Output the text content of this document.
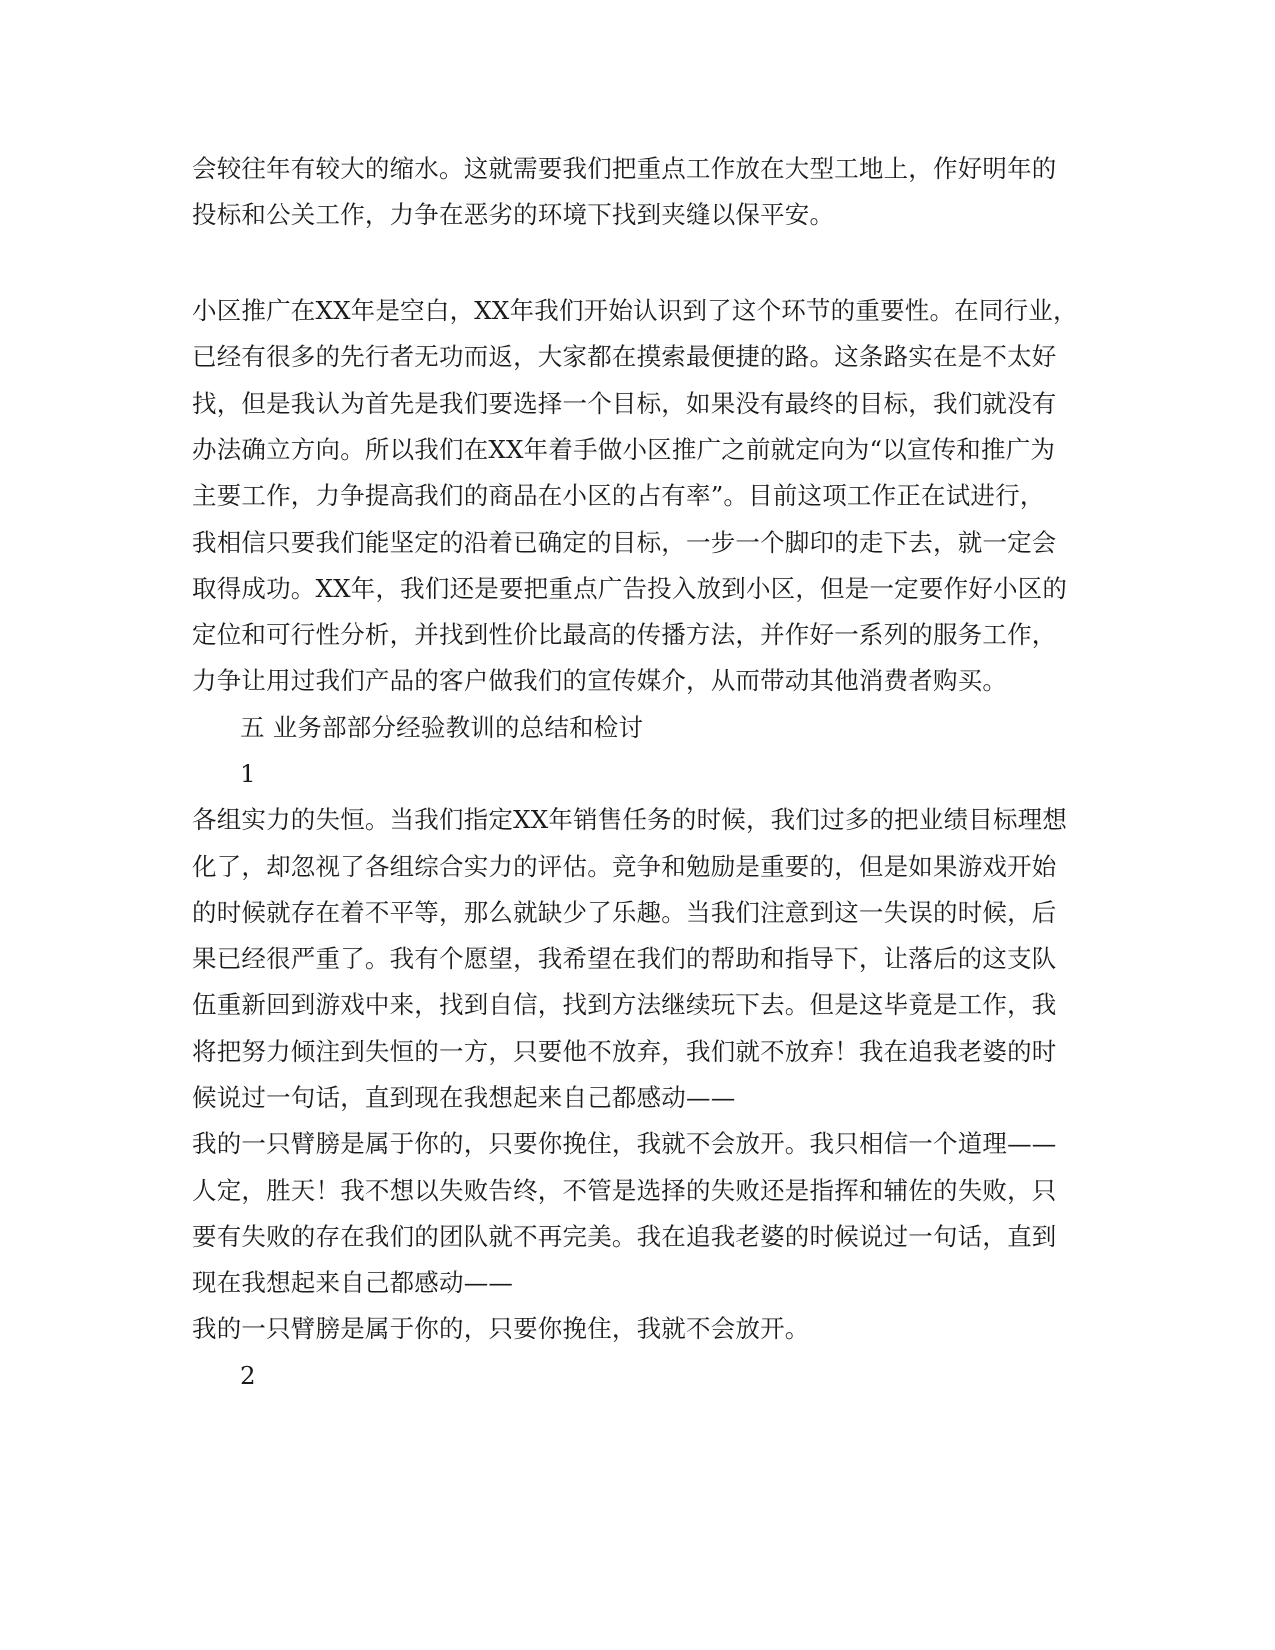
会较往年有较大的缩水。这就需要我们把重点工作放在大型工地上，作好明年的
投标和公关工作，力争在恶劣的环境下找到夹缝以保平安。
小区推广在XX年是空白，XX年我们开始认识到了这个环节的重要性。在同行业，
已经有很多的先行者无功而返，大家都在摸索最便捷的路。这条路实在是不太好
找，但是我认为首先是我们要选择一个目标，如果没有最终的目标，我们就没有
办法确立方向。所以我们在XX年着手做小区推广之前就定向为“以宣传和推广为
主要工作，力争提高我们的商品在小区的占有率”。目前这项工作正在试进行，
我相信只要我们能坚定的沿着已确定的目标，一步一个脚印的走下去，就一定会
取得成功。XX年，我们还是要把重点广告投入放到小区，但是一定要作好小区的
定位和可行性分析，并找到性价比最高的传播方法，并作好一系列的服务工作，
力争让用过我们产品的客户做我们的宣传媒介，从而带动其他消费者购买。
五 业务部部分经验教训的总结和检讨
1
各组实力的失恒。当我们指定XX年销售任务的时候，我们过多的把业绩目标理想
化了，却忽视了各组综合实力的评估。竞争和勉励是重要的，但是如果游戏开始
的时候就存在着不平等，那么就缺少了乐趣。当我们注意到这一失误的时候，后
果已经很严重了。我有个愿望，我希望在我们的帮助和指导下，让落后的这支队
伍重新回到游戏中来，找到自信，找到方法继续玩下去。但是这毕竟是工作，我
将把努力倾注到失恒的一方，只要他不放弃，我们就不放弃！我在追我老婆的时
候说过一句话，直到现在我想起来自己都感动——
我的一只臂膀是属于你的，只要你挽住，我就不会放开。我只相信一个道理——
人定，胜天！我不想以失败告终，不管是选择的失败还是指挥和辅佐的失败，只
要有失败的存在我们的团队就不再完美。我在追我老婆的时候说过一句话，直到
现在我想起来自己都感动——
我的一只臂膀是属于你的，只要你挽住，我就不会放开。
2
